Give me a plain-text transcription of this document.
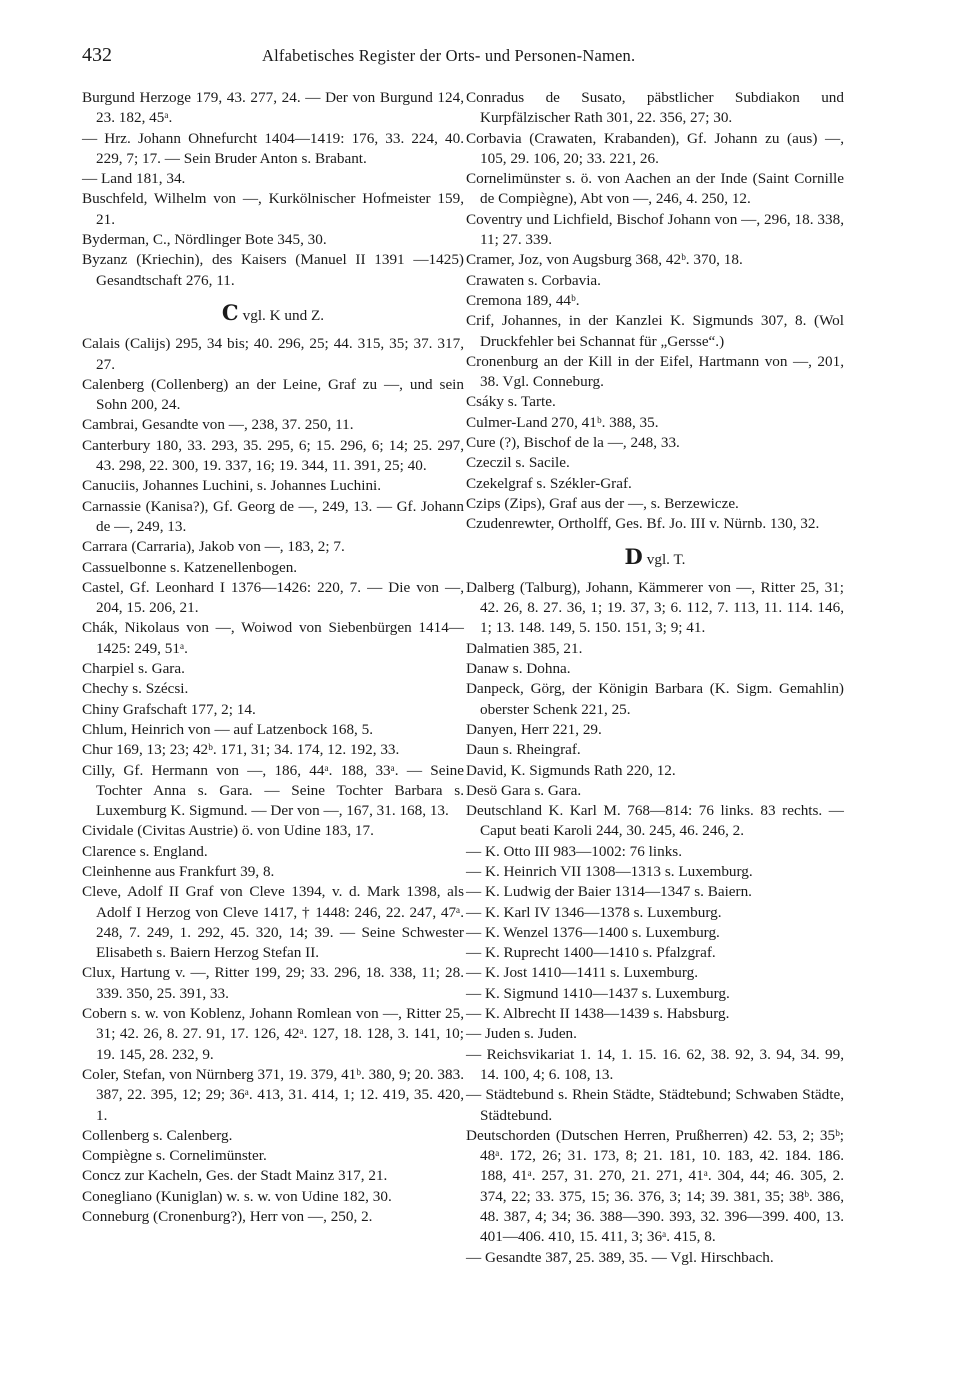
432	Alfabetisches Register der Orts- und Personen-Namen.

Burgund Herzoge 179, 43. 277, 24. — Der von Burgund 124, 23. 182, 45ᵃ.

— Hrz. Johann Ohnefurcht 1404—1419: 176, 33. 224, 40. 229, 7; 17. — Sein Bruder Anton s. Brabant.

— Land 181, 34.

Buschfeld, Wilhelm von —, Kurkölnischer Hofmeister 159, 21.

Byderman, C., Nördlinger Bote 345, 30.

Byzanz (Kriechin), des Kaisers (Manuel II 1391 —1425) Gesandtschaft 276, 11.

C vgl. K und Z.

Calais (Calijs) 295, 34 bis; 40. 296, 25; 44. 315, 35; 37. 317, 27.

Calenberg (Collenberg) an der Leine, Graf zu —, und sein Sohn 200, 24.

Cambrai, Gesandte von —, 238, 37. 250, 11.

Canterbury 180, 33. 293, 35. 295, 6; 15. 296, 6; 14; 25. 297, 43. 298, 22. 300, 19. 337, 16; 19. 344, 11. 391, 25; 40.

Canuciis, Johannes Luchini, s. Johannes Luchini.

Carnassie (Kanisa?), Gf. Georg de —, 249, 13. — Gf. Johann de —, 249, 13.

Carrara (Carraria), Jakob von —, 183, 2; 7.

Cassuelbonne s. Katzenellenbogen.

Castel, Gf. Leonhard I 1376—1426: 220, 7. — Die von —, 204, 15. 206, 21.

Chák, Nikolaus von —, Woiwod von Siebenbürgen 1414—1425: 249, 51ᵃ.

Charpiel s. Gara.

Chechy s. Szécsi.

Chiny Grafschaft 177, 2; 14.

Chlum, Heinrich von — auf Latzenbock 168, 5.

Chur 169, 13; 23; 42ᵇ. 171, 31; 34. 174, 12. 192, 33.

Cilly, Gf. Hermann von —, 186, 44ᵃ. 188, 33ᵃ. — Seine Tochter Anna s. Gara. — Seine Tochter Barbara s. Luxemburg K. Sigmund. — Der von —, 167, 31. 168, 13.

Cividale (Civitas Austrie) ö. von Udine 183, 17.

Clarence s. England.

Cleinhenne aus Frankfurt 39, 8.

Cleve, Adolf II Graf von Cleve 1394, v. d. Mark 1398, als Adolf I Herzog von Cleve 1417, † 1448: 246, 22. 247, 47ᵃ. 248, 7. 249, 1. 292, 45. 320, 14; 39. — Seine Schwester Elisabeth s. Baiern Herzog Stefan II.

Clux, Hartung v. —, Ritter 199, 29; 33. 296, 18. 338, 11; 28. 339. 350, 25. 391, 33.

Cobern s. w. von Koblenz, Johann Romlean von —, Ritter 25, 31; 42. 26, 8. 27. 91, 17. 126, 42ᵃ. 127, 18. 128, 3. 141, 10; 19. 145, 28. 232, 9.

Coler, Stefan, von Nürnberg 371, 19. 379, 41ᵇ. 380, 9; 20. 383. 387, 22. 395, 12; 29; 36ᵃ. 413, 31. 414, 1; 12. 419, 35. 420, 1.

Collenberg s. Calenberg.

Compiègne s. Cornelimünster.

Concz zur Kacheln, Ges. der Stadt Mainz 317, 21.

Conegliano (Kuniglan) w. s. w. von Udine 182, 30.

Conneburg (Cronenburg?), Herr von —, 250, 2.

Conradus de Susato, päbstlicher Subdiakon und Kurpfälzischer Rath 301, 22. 356, 27; 30.

Corbavia (Crawaten, Krabanden), Gf. Johann zu (aus) —, 105, 29. 106, 20; 33. 221, 26.

Cornelimünster s. ö. von Aachen an der Inde (Saint Cornille de Compiègne), Abt von —, 246, 4. 250, 12.

Coventry und Lichfield, Bischof Johann von —, 296, 18. 338, 11; 27. 339.

Cramer, Joz, von Augsburg 368, 42ᵇ. 370, 18.

Crawaten s. Corbavia.

Cremona 189, 44ᵇ.

Crif, Johannes, in der Kanzlei K. Sigmunds 307, 8. (Wol Druckfehler bei Schannat für „Gersse“.)

Cronenburg an der Kill in der Eifel, Hartmann von —, 201, 38. Vgl. Conneburg.

Csáky s. Tarte.

Culmer-Land 270, 41ᵇ. 388, 35.

Cure (?), Bischof de la —, 248, 33.

Czeczil s. Sacile.

Czekelgraf s. Székler-Graf.

Czips (Zips), Graf aus der —, s. Berzewicze.

Czudenrewter, Ortholff, Ges. Bf. Jo. III v. Nürnb. 130, 32.

D vgl. T.

Dalberg (Talburg), Johann, Kämmerer von —, Ritter 25, 31; 42. 26, 8. 27. 36, 1; 19. 37, 3; 6. 112, 7. 113, 11. 114. 146, 1; 13. 148. 149, 5. 150. 151, 3; 9; 41.

Dalmatien 385, 21.

Danaw s. Dohna.

Danpeck, Görg, der Königin Barbara (K. Sigm. Gemahlin) oberster Schenk 221, 25.

Danyen, Herr 221, 29.

Daun s. Rheingraf.

David, K. Sigmunds Rath 220, 12.

Desö Gara s. Gara.

Deutschland K. Karl M. 768—814: 76 links. 83 rechts. — Caput beati Karoli 244, 30. 245, 46. 246, 2.

— K. Otto III 983—1002: 76 links.

— K. Heinrich VII 1308—1313 s. Luxemburg.

— K. Ludwig der Baier 1314—1347 s. Baiern.

— K. Karl IV 1346—1378 s. Luxemburg.

— K. Wenzel 1376—1400 s. Luxemburg.

— K. Ruprecht 1400—1410 s. Pfalzgraf.

— K. Jost 1410—1411 s. Luxemburg.

— K. Sigmund 1410—1437 s. Luxemburg.

— K. Albrecht II 1438—1439 s. Habsburg.

— Juden s. Juden.

— Reichsvikariat 1. 14, 1. 15. 16. 62, 38. 92, 3. 94, 34. 99, 14. 100, 4; 6. 108, 13.

— Städtebund s. Rhein Städte, Städtebund; Schwaben Städte, Städtebund.

Deutschorden (Dutschen Herren, Prußherren) 42. 53, 2; 35ᵇ; 48ᵃ. 172, 26; 31. 173, 8; 21. 181, 10. 183, 42. 184. 186. 188, 41ᵃ. 257, 31. 270, 21. 271, 41ᵃ. 304, 44; 46. 305, 2. 374, 22; 33. 375, 15; 36. 376, 3; 14; 39. 381, 35; 38ᵇ. 386, 48. 387, 4; 34; 36. 388—390. 393, 32. 396—399. 400, 13. 401—406. 410, 15. 411, 3; 36ᵃ. 415, 8.

— Gesandte 387, 25. 389, 35. — Vgl. Hirschbach.
